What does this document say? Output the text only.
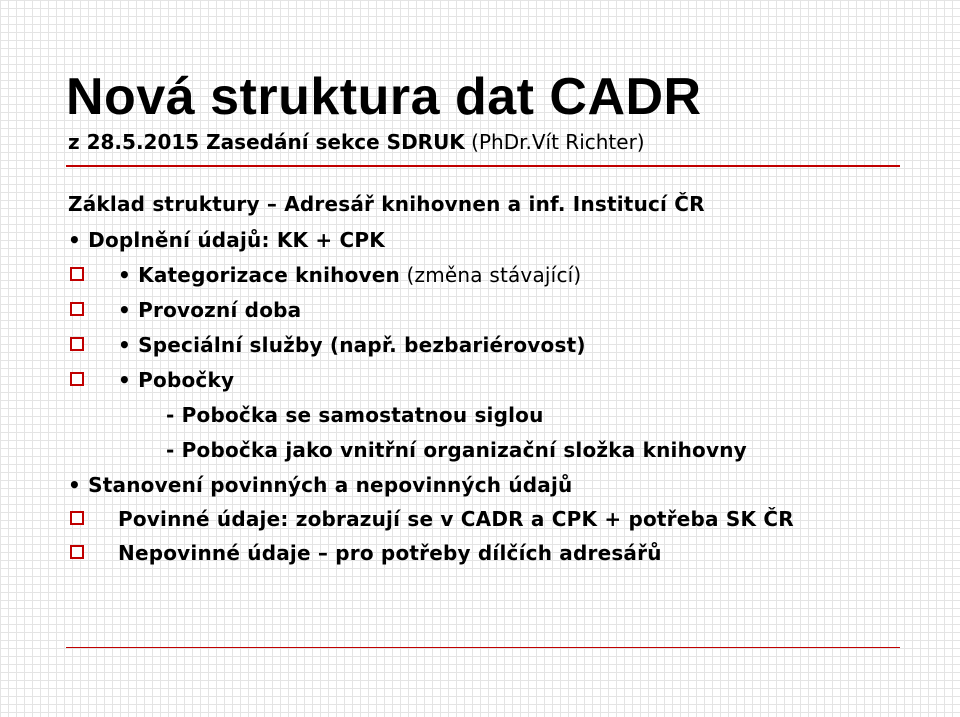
Nová struktura dat CADR
z 28.5.2015 Zasedání sekce SDRUK (PhDr.Vít Richter)
Základ struktury – Adresář knihovnen a inf. Institucí ČR
• Doplnění údajů: KK + CPK
• Kategorizace knihoven (změna stávající)
• Provozní doba
• Speciální služby (např. bezbariérovost)
• Pobočky
- Pobočka se samostatnou siglou
- Pobočka jako vnitřní organizační složka knihovny
• Stanovení povinných a nepovinných údajů
Povinné údaje: zobrazují se v CADR a CPK + potřeba SK ČR
Nepovinné údaje – pro potřeby dílčích adresářů
